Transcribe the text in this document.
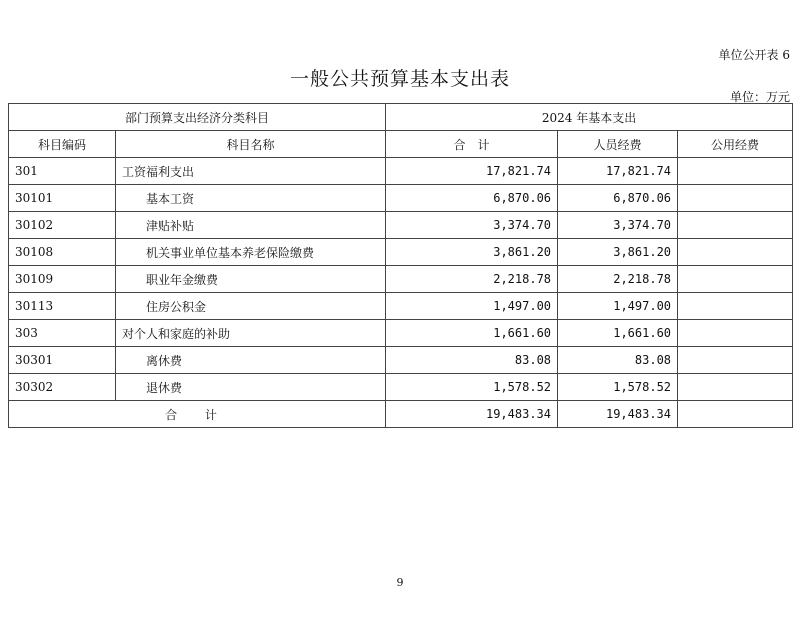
单位公开表 6
一般公共预算基本支出表
单位：万元
部门预算支出经济分类科目		2024 年基本支出		
科目编码	科目名称	合　计	人员经费	公用经费
301	工资福利支出	17,821.74	17,821.74	
30101	基本工资	6,870.06	6,870.06	
30102	津贴补贴	3,374.70	3,374.70	
30108	机关事业单位基本养老保险缴费	3,861.20	3,861.20	
30109	职业年金缴费	2,218.78	2,218.78	
30113	住房公积金	1,497.00	1,497.00	
303	对个人和家庭的补助	1,661.60	1,661.60	
30301	离休费	83.08	83.08	
30302	退休费	1,578.52	1,578.52	
合 计		19,483.34	19,483.34	
9
